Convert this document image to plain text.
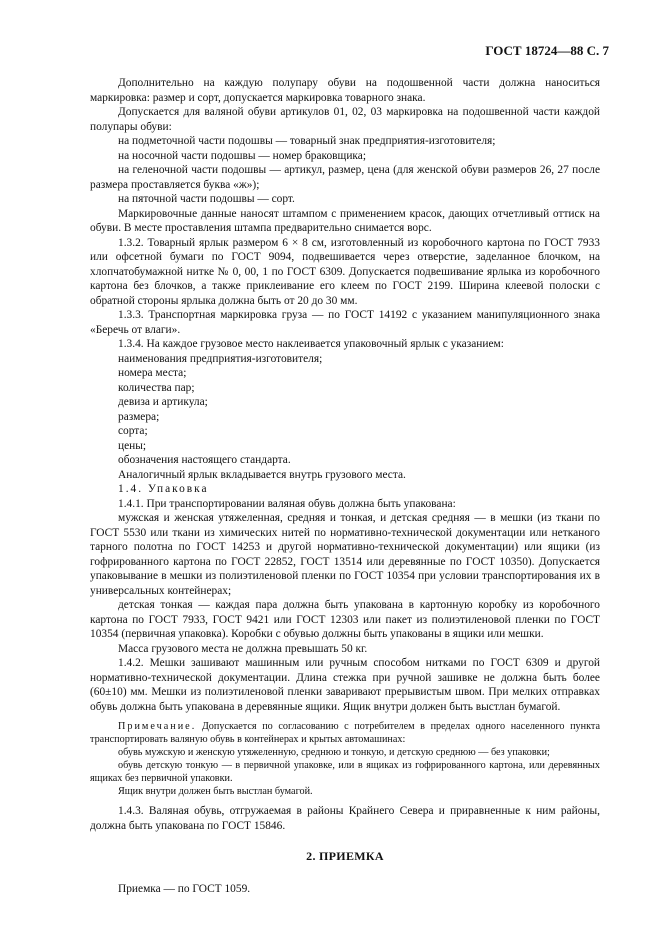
ГОСТ 18724—88 С. 7

Дополнительно на каждую полупару обуви на подошвенной части должна наноситься маркировка: размер и сорт, допускается маркировка товарного знака.

Допускается для валяной обуви артикулов 01, 02, 03 маркировка на подошвенной части каждой полупары обуви:

на подметочной части подошвы — товарный знак предприятия-изготовителя;
на носочной части подошвы — номер браковщика;
на геленочной части подошвы — артикул, размер, цена (для женской обуви размеров 26, 27 после размера проставляется буква «ж»);
на пяточной части подошвы — сорт.

Маркировочные данные наносят штампом с применением красок, дающих отчетливый оттиск на обуви. В месте проставления штампа предварительно снимается ворс.

1.3.2. Товарный ярлык размером 6 × 8 см, изготовленный из коробочного картона по ГОСТ 7933 или офсетной бумаги по ГОСТ 9094, подвешивается через отверстие, заделанное блочком, на хлопчатобумажной нитке № 0, 00, 1 по ГОСТ 6309. Допускается подвешивание ярлыка из коробочного картона без блочков, а также приклеивание его клеем по ГОСТ 2199. Ширина клеевой полоски с обратной стороны ярлыка должна быть от 20 до 30 мм.

1.3.3. Транспортная маркировка груза — по ГОСТ 14192 с указанием манипуляционного знака «Беречь от влаги».

1.3.4. На каждое грузовое место наклеивается упаковочный ярлык с указанием:

наименования предприятия-изготовителя;
номера места;
количества пар;
девиза и артикула;
размера;
сорта;
цены;
обозначения настоящего стандарта.

Аналогичный ярлык вкладывается внутрь грузового места.

1.4. Упаковка

1.4.1. При транспортировании валяная обувь должна быть упакована:

мужская и женская утяжеленная, средняя и тонкая, и детская средняя — в мешки (из ткани по ГОСТ 5530 или ткани из химических нитей по нормативно-технической документации или нетканого тарного полотна по ГОСТ 14253 и другой нормативно-технической документации) или ящики (из гофрированного картона по ГОСТ 22852, ГОСТ 13514 или деревянные по ГОСТ 10350). Допускается упаковывание в мешки из полиэтиленовой пленки по ГОСТ 10354 при условии транспортирования их в универсальных контейнерах;

детская тонкая — каждая пара должна быть упакована в картонную коробку из коробочного картона по ГОСТ 7933, ГОСТ 9421 или ГОСТ 12303 или пакет из полиэтиленовой пленки по ГОСТ 10354 (первичная упаковка). Коробки с обувью должны быть упакованы в ящики или мешки.

Масса грузового места не должна превышать 50 кг.

1.4.2. Мешки зашивают машинным или ручным способом нитками по ГОСТ 6309 и другой нормативно-технической документации. Длина стежка при ручной зашивке не должна быть более (60±10) мм. Мешки из полиэтиленовой пленки заваривают прерывистым швом. При мелких отправках обувь должна быть упакована в деревянные ящики. Ящик внутри должен быть выстлан бумагой.

Примечание. Допускается по согласованию с потребителем в пределах одного населенного пункта транспортировать валяную обувь в контейнерах и крытых автомашинах:

обувь мужскую и женскую утяжеленную, среднюю и тонкую, и детскую среднюю — без упаковки;

обувь детскую тонкую — в первичной упаковке, или в ящиках из гофрированного картона, или деревянных ящиках без первичной упаковки.

Ящик внутри должен быть выстлан бумагой.

1.4.3. Валяная обувь, отгружаемая в районы Крайнего Севера и приравненные к ним районы, должна быть упакована по ГОСТ 15846.

2. ПРИЕМКА

Приемка — по ГОСТ 1059.
